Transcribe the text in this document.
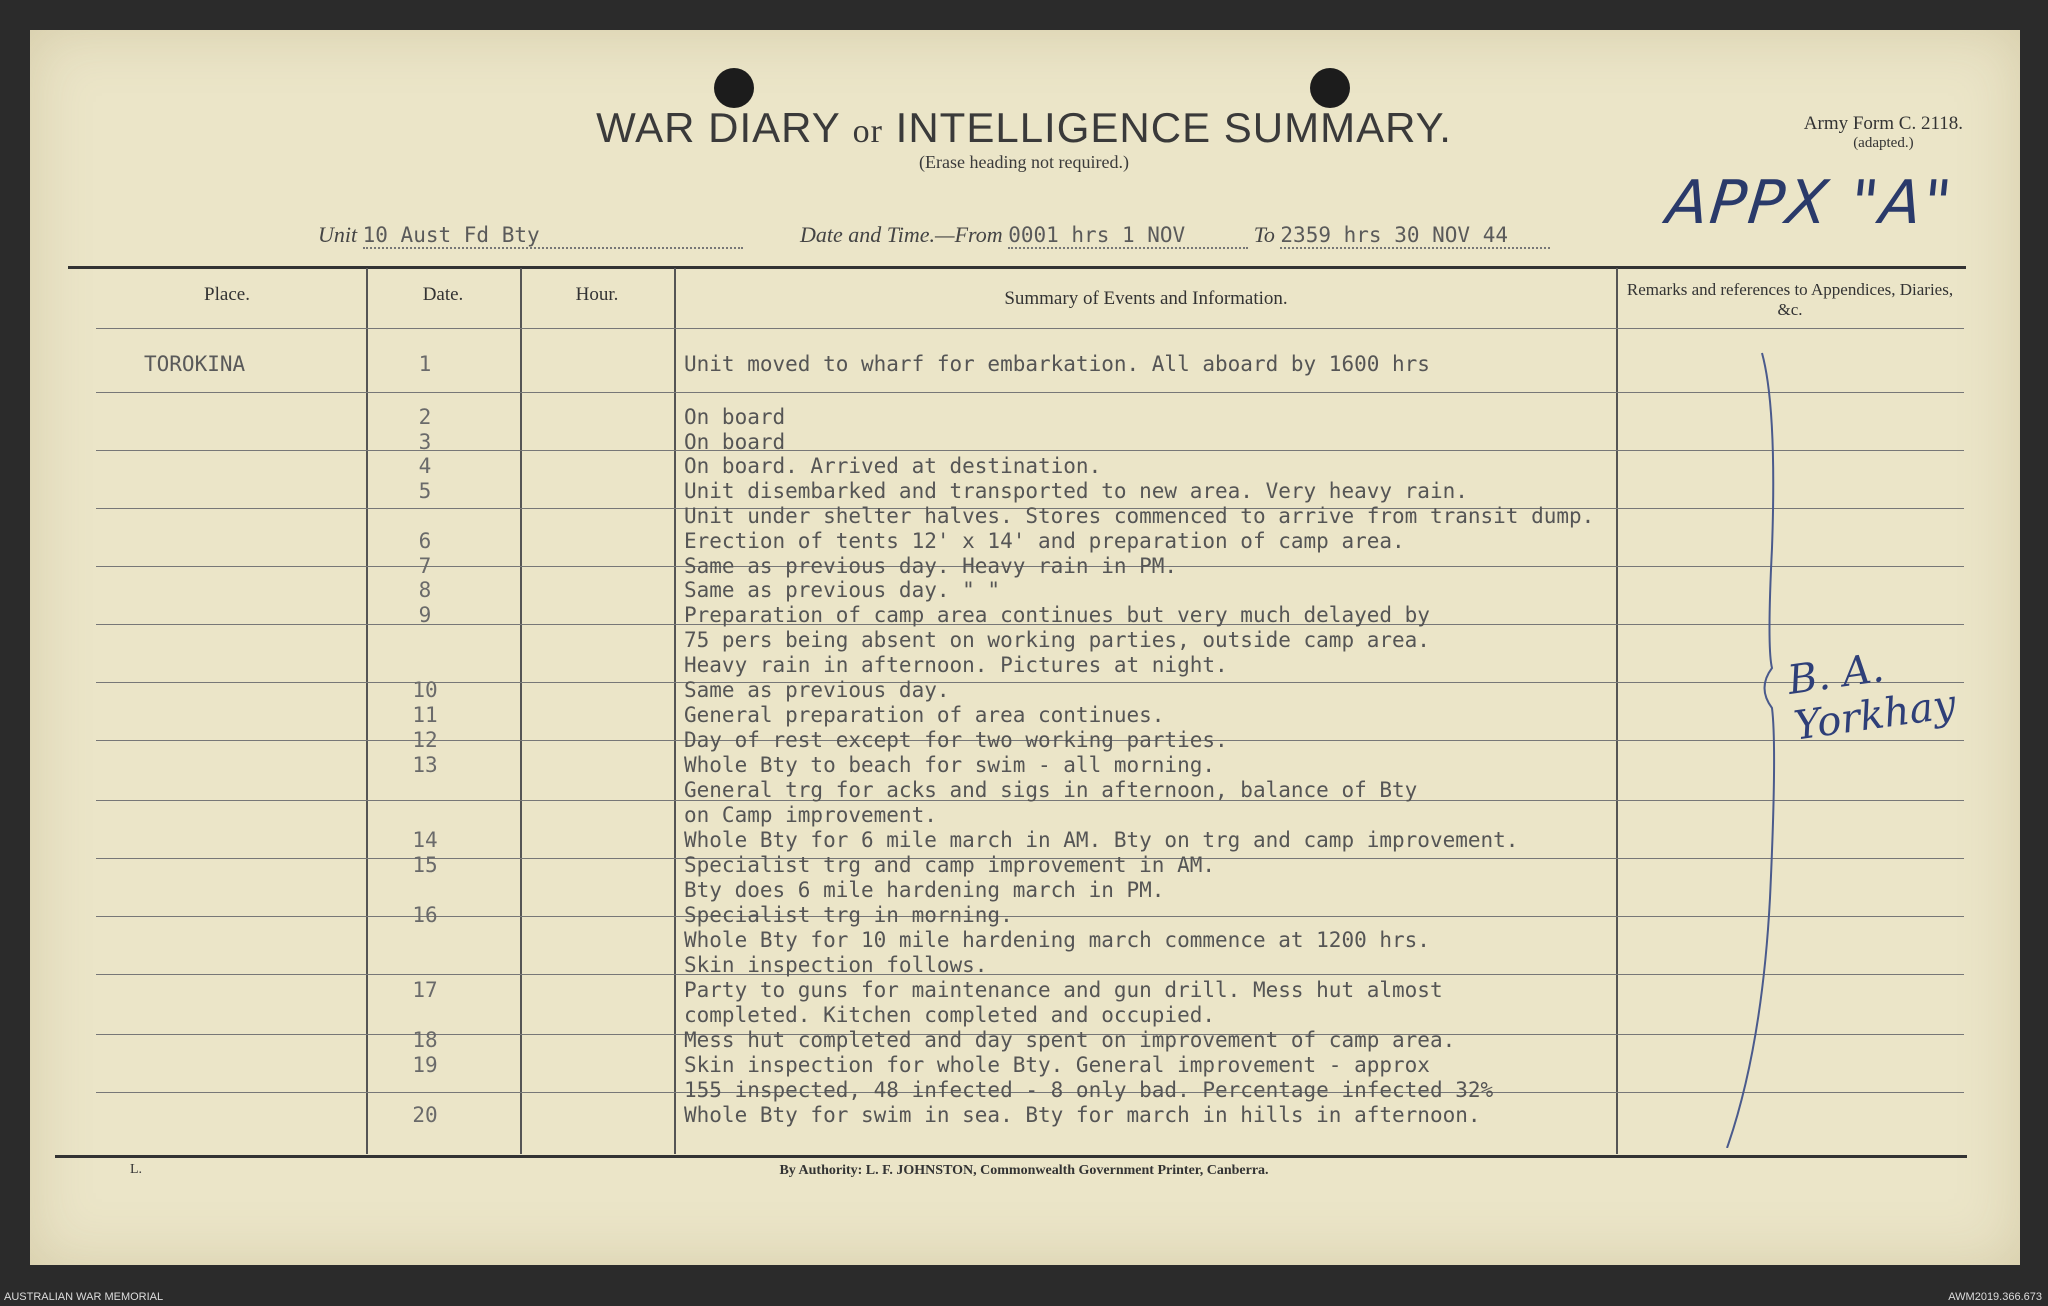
WAR DIARY or INTELLIGENCE SUMMARY.
(Erase heading not required.)
Army Form C. 2118.
(adapted.)
APPX "A"
Unit 10 Aust Fd Bty	Date and Time.—From 0001 hrs 1 NOV	To 2359 hrs 30 NOV 44
Place.	Date.	Hour.	Summary of Events and Information.	Remarks and references to Appendices, Diaries, &c.
TOROKINA	1	Unit moved to wharf for embarkation. All aboard by 1600 hrs
2	On board
3	On board
4	On board. Arrived at destination.
5	Unit disembarked and transported to new area. Very heavy rain.
Unit under shelter halves. Stores commenced to arrive from transit dump.
6	Erection of tents 12' x 14' and preparation of camp area.
7	Same as previous day. Heavy rain in PM.
8	Same as previous day. " "
9	Preparation of camp area continues but very much delayed by
75 pers being absent on working parties, outside camp area.
Heavy rain in afternoon. Pictures at night.
10	Same as previous day.
11	General preparation of area continues.
12	Day of rest except for two working parties.
13	Whole Bty to beach for swim - all morning.
General trg for acks and sigs in afternoon, balance of Bty
on Camp improvement.
14	Whole Bty for 6 mile march in AM. Bty on trg and camp improvement.
15	Specialist trg and camp improvement in AM.
Bty does 6 mile hardening march in PM.
16	Specialist trg in morning.
Whole Bty for 10 mile hardening march commence at 1200 hrs.
Skin inspection follows.
17	Party to guns for maintenance and gun drill. Mess hut almost
completed. Kitchen completed and occupied.
18	Mess hut completed and day spent on improvement of camp area.
19	Skin inspection for whole Bty. General improvement - approx
155 inspected, 48 infected - 8 only bad. Percentage infected 32%
20	Whole Bty for swim in sea. Bty for march in hills in afternoon.
B. A. Yorkhay
L.	By Authority: L. F. JOHNSTON, Commonwealth Government Printer, Canberra.
AUSTRALIAN WAR MEMORIAL	AWM2019.366.673
